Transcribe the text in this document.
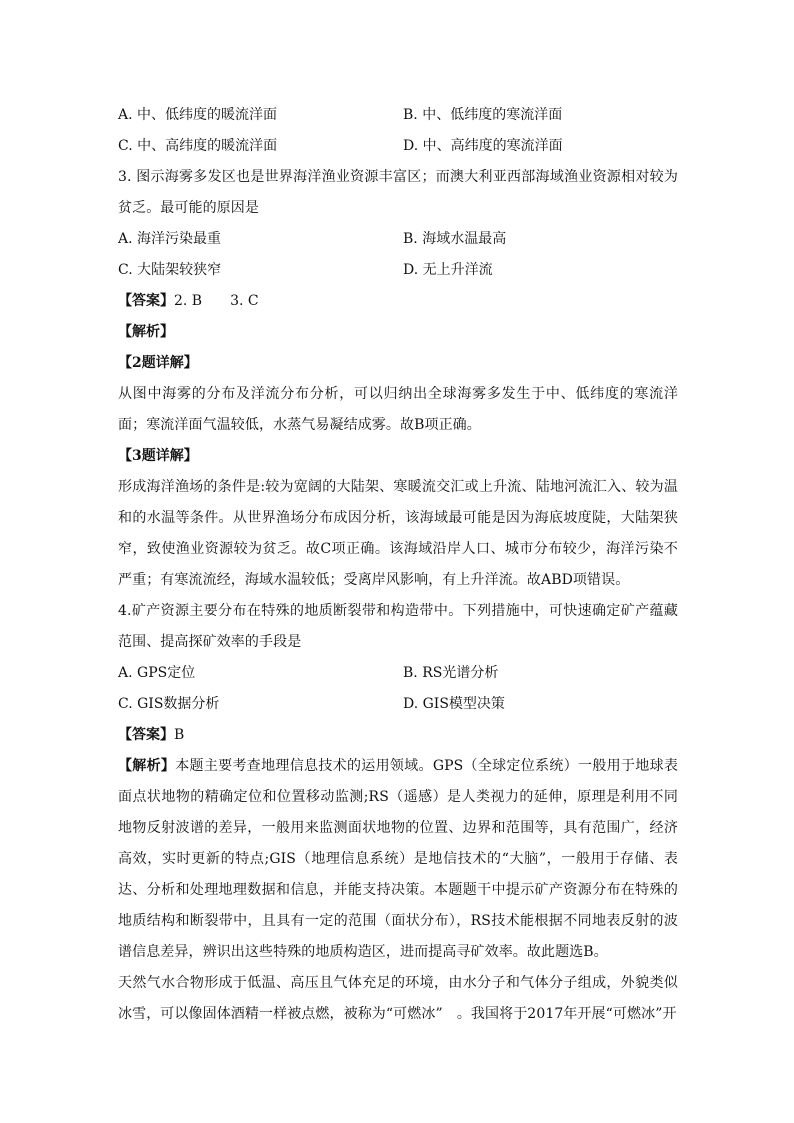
A. 中、低纬度的暖流洋面	B. 中、低纬度的寒流洋面
C. 中、高纬度的暖流洋面	D. 中、高纬度的寒流洋面
3. 图示海雾多发区也是世界海洋渔业资源丰富区；而澳大利亚西部海域渔业资源相对较为贫乏。最可能的原因是
A. 海洋污染最重	B. 海域水温最高
C. 大陆架较狭窄	D. 无上升洋流
【答案】2. B　　3. C
【解析】
【2题详解】
从图中海雾的分布及洋流分布分析，可以归纳出全球海雾多发生于中、低纬度的寒流洋面；寒流洋面气温较低，水蒸气易凝结成雾。故B项正确。
【3题详解】
形成海洋渔场的条件是:较为宽阔的大陆架、寒暖流交汇或上升流、陆地河流汇入、较为温和的水温等条件。从世界渔场分布成因分析，该海域最可能是因为海底坡度陡，大陆架狭窄，致使渔业资源较为贫乏。故C项正确。该海域沿岸人口、城市分布较少，海洋污染不严重；有寒流流经，海域水温较低；受离岸风影响，有上升洋流。故ABD项错误。
4.矿产资源主要分布在特殊的地质断裂带和构造带中。下列措施中，可快速确定矿产蕴藏范围、提高探矿效率的手段是
A. GPS定位	B. RS光谱分析
C. GIS数据分析	D. GIS模型决策
【答案】B
【解析】本题主要考查地理信息技术的运用领域。GPS（全球定位系统）一般用于地球表面点状地物的精确定位和位置移动监测;RS（遥感）是人类视力的延伸，原理是利用不同地物反射波谱的差异，一般用来监测面状地物的位置、边界和范围等，具有范围广，经济高效，实时更新的特点;GIS（地理信息系统）是地信技术的“大脑”，一般用于存储、表达、分析和处理地理数据和信息，并能支持决策。本题题干中提示矿产资源分布在特殊的地质结构和断裂带中，且具有一定的范围（面状分布），RS技术能根据不同地表反射的波谱信息差异，辨识出这些特殊的地质构造区，进而提高寻矿效率。故此题选B。
天然气水合物形成于低温、高压且气体充足的环境，由水分子和气体分子组成，外貌类似冰雪，可以像固体酒精一样被点燃，被称为“可燃冰”　。我国将于2017年开展“可燃冰”开
